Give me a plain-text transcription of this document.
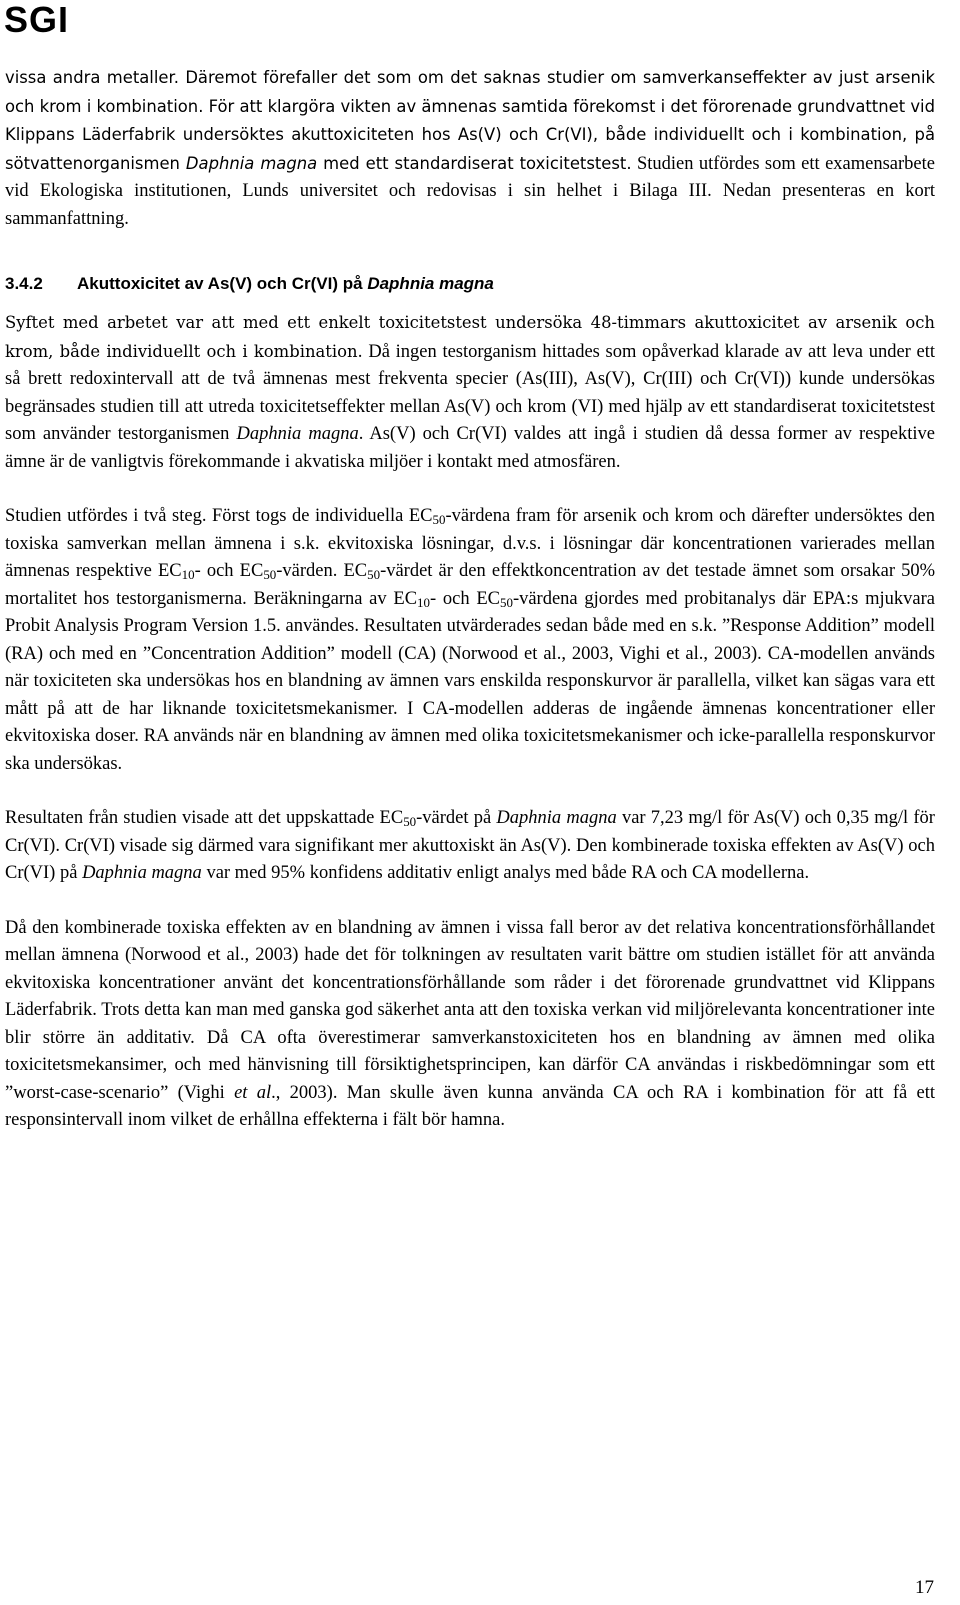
SGI

vissa andra metaller. Däremot förefaller det som om det saknas studier om samverkanseffekter av just arsenik och krom i kombination. För att klargöra vikten av ämnenas samtida förekomst i det förorenade grundvattnet vid Klippans Läderfabrik undersöktes akuttoxiciteten hos As(V) och Cr(VI), både individuellt och i kombination, på sötvattenorganismen Daphnia magna med ett standardiserat toxicitetstest. Studien utfördes som ett examensarbete vid Ekologiska institutionen, Lunds universitet och redovisas i sin helhet i Bilaga III. Nedan presenteras en kort sammanfattning.

3.4.2 Akuttoxicitet av As(V) och Cr(VI) på Daphnia magna

Syftet med arbetet var att med ett enkelt toxicitetstest undersöka 48-timmars akuttoxicitet av arsenik och krom, både individuellt och i kombination. Då ingen testorganism hittades som opåverkad klarade av att leva under ett så brett redoxintervall att de två ämnenas mest frekventa specier (As(III), As(V), Cr(III) och Cr(VI)) kunde undersökas begränsades studien till att utreda toxicitetseffekter mellan As(V) och krom (VI) med hjälp av ett standardiserat toxicitetstest som använder testorganismen Daphnia magna. As(V) och Cr(VI) valdes att ingå i studien då dessa former av respektive ämne är de vanligtvis förekommande i akvatiska miljöer i kontakt med atmosfären.

Studien utfördes i två steg. Först togs de individuella $EC_{50}$-värdena fram för arsenik och krom och därefter undersöktes den toxiska samverkan mellan ämnena i s.k. ekvitoxiska lösningar, d.v.s. i lösningar där koncentrationen varierades mellan ämnenas respektive $EC_{10}-$ och $EC_{50}$-värden. $EC_{50}$-värdet är den effektkoncentration av det testade ämnet som orsakar 50% mortalitet hos testorganismerna. Beräkningarna av $EC_{10}-$ och $EC_{50}$-värdena gjordes med probitanalys där EPA:s mjukvara Probit Analysis Program Version 1.5. användes. Resultaten utvärderades sedan både med en s.k. ”Response Addition” modell (RA) och med en ”Concentration Addition” modell (CA) (Norwood et al., 2003, Vighi et al., 2003). CA-modellen används när toxiciteten ska undersökas hos en blandning av ämnen vars enskilda responskurvor är parallella, vilket kan sägas vara ett mått på att de har liknande toxicitetsmekanismer. I CA-modellen adderas de ingående ämnenas koncentrationer eller ekvitoxiska doser. RA används när en blandning av ämnen med olika toxicitetsmekanismer och icke-parallella responskurvor ska undersökas.

Resultaten från studien visade att det uppskattade $EC_{50}$-värdet på Daphnia magna var 7,23 mg/l för As(V) och 0,35 mg/l för Cr(VI). Cr(VI) visade sig därmed vara signifikant mer akuttoxiskt än As(V). Den kombinerade toxiska effekten av As(V) och Cr(VI) på Daphnia magna var med 95% konfidens additativ enligt analys med både RA och CA modellerna.

Då den kombinerade toxiska effekten av en blandning av ämnen i vissa fall beror av det relativa koncentrationsförhållandet mellan ämnena (Norwood et al., 2003) hade det för tolkningen av resultaten varit bättre om studien istället för att använda ekvitoxiska koncentrationer använt det koncentrationsförhållande som råder i det förorenade grundvattnet vid Klippans Läderfabrik. Trots detta kan man med ganska god säkerhet anta att den toxiska verkan vid miljörelevanta koncentrationer inte blir större än additativ. Då CA ofta överestimerar samverkanstoxiciteten hos en blandning av ämnen med olika toxicitetsmekansimer, och med hänvisning till försiktighetsprincipen, kan därför CA användas i riskbedömningar som ett ”worst-case-scenario” (Vighi et al., 2003). Man skulle även kunna använda CA och RA i kombination för att få ett responsintervall inom vilket de erhållna effekterna i fält bör hamna.

17
